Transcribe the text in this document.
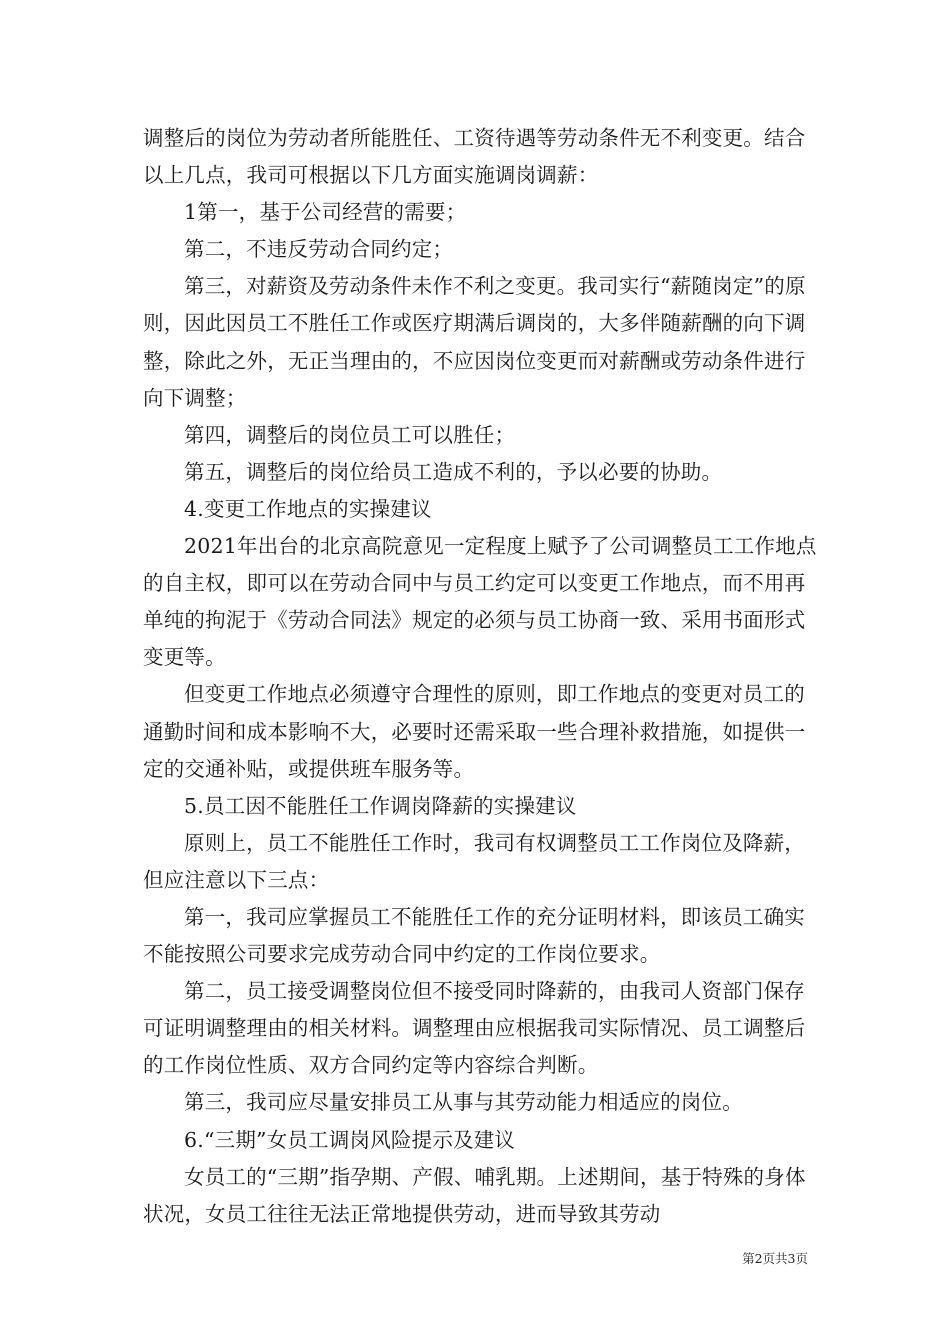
调整后的岗位为劳动者所能胜任、工资待遇等劳动条件无不利变更。结合以上几点，我司可根据以下几方面实施调岗调薪：

1第一，基于公司经营的需要；

第二，不违反劳动合同约定；

第三，对薪资及劳动条件未作不利之变更。我司实行“薪随岗定”的原则，因此因员工不胜任工作或医疗期满后调岗的，大多伴随薪酬的向下调整，除此之外，无正当理由的，不应因岗位变更而对薪酬或劳动条件进行向下调整；

第四，调整后的岗位员工可以胜任；

第五，调整后的岗位给员工造成不利的，予以必要的协助。

4.变更工作地点的实操建议

2021年出台的北京高院意见一定程度上赋予了公司调整员工工作地点的自主权，即可以在劳动合同中与员工约定可以变更工作地点，而不用再单纯的拘泥于《劳动合同法》规定的必须与员工协商一致、采用书面形式变更等。

但变更工作地点必须遵守合理性的原则，即工作地点的变更对员工的通勤时间和成本影响不大，必要时还需采取一些合理补救措施，如提供一定的交通补贴，或提供班车服务等。

5.员工因不能胜任工作调岗降薪的实操建议

原则上，员工不能胜任工作时，我司有权调整员工工作岗位及降薪，但应注意以下三点：

第一，我司应掌握员工不能胜任工作的充分证明材料，即该员工确实不能按照公司要求完成劳动合同中约定的工作岗位要求。

第二，员工接受调整岗位但不接受同时降薪的，由我司人资部门保存可证明调整理由的相关材料。调整理由应根据我司实际情况、员工调整后的工作岗位性质、双方合同约定等内容综合判断。

第三，我司应尽量安排员工从事与其劳动能力相适应的岗位。

6.“三期”女员工调岗风险提示及建议

女员工的“三期”指孕期、产假、哺乳期。上述期间，基于特殊的身体状况，女员工往往无法正常地提供劳动，进而导致其劳动

第2页共3页
